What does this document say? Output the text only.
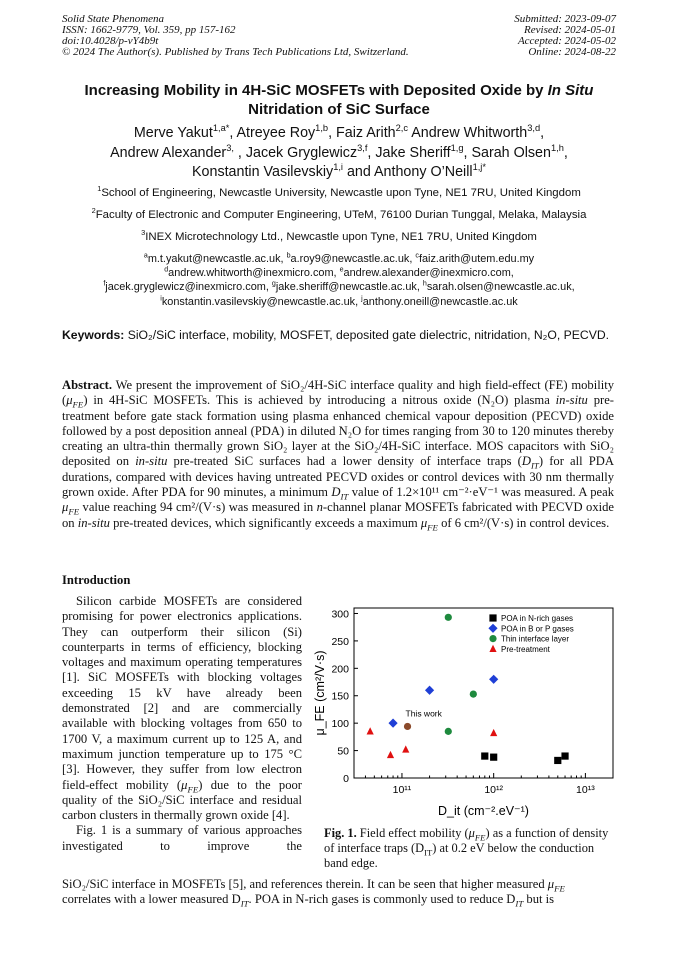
Solid State Phenomena
ISSN: 1662-9779, Vol. 359, pp 157-162
doi:10.4028/p-vY4b9t
© 2024 The Author(s). Published by Trans Tech Publications Ltd, Switzerland.
Submitted: 2023-09-07
Revised: 2024-05-01
Accepted: 2024-05-02
Online: 2024-08-22
Increasing Mobility in 4H-SiC MOSFETs with Deposited Oxide by In Situ
Nitridation of SiC Surface
Merve Yakut$^{1,a*}$, Atreyee Roy$^{1,b}$, Faiz Arith$^{2,c}$ Andrew Whitworth$^{3,d}$,
Andrew Alexander$^{3,}$ , Jacek Gryglewicz$^{3,f}$, Jake Sheriff$^{1,g}$, Sarah Olsen$^{1,h}$,
Konstantin Vasilevskiy$^{1,i}$ and Anthony O’Neill$^{1,j*}$
$^1$School of Engineering, Newcastle University, Newcastle upon Tyne, NE1 7RU, United Kingdom
$^2$Faculty of Electronic and Computer Engineering, UTeM, 76100 Durian Tunggal, Melaka, Malaysia
$^3$INEX Microtechnology Ltd., Newcastle upon Tyne, NE1 7RU, United Kingdom
$^a$m.t.yakut@newcastle.ac.uk, $^b$a.roy9@newcastle.ac.uk, $^c$faiz.arith@utem.edu.my
$^d$andrew.whitworth@inexmicro.com, $^e$andrew.alexander@inexmicro.com,
$^f$jacek.gryglewicz@inexmicro.com, $^g$jake.sheriff@newcastle.ac.uk, $^h$sarah.olsen@newcastle.ac.uk,
$^i$konstantin.vasilevskiy@newcastle.ac.uk, $^j$anthony.oneill@newcastle.ac.uk
Keywords: SiO₂/SiC interface, mobility, MOSFET, deposited gate dielectric, nitridation, N₂O, PECVD.
Abstract. We present the improvement of SiO₂/4H-SiC interface quality and high field-effect (FE) mobility $(\mu_{FE})$ in 4H-SiC MOSFETs. This is achieved by introducing a nitrous oxide (N₂O) plasma in-situ pre-treatment before gate stack formation using plasma enhanced chemical vapour deposition (PECVD) oxide followed by a post deposition anneal (PDA) in diluted N₂O for times ranging from 30 to 120 minutes thereby creating an ultra-thin thermally grown SiO₂ layer at the SiO₂/4H-SiC interface. MOS capacitors with SiO₂ deposited on in-situ pre-treated SiC surfaces had a lower density of interface traps $(D_{IT})$ for all PDA durations, compared with devices having untreated PECVD oxides or control devices with 30 nm thermally grown oxide. After PDA for 90 minutes, a minimum $D_{IT}$ value of 1.2×10¹¹ cm⁻²·eV⁻¹ was measured. A peak $\mu_{FE}$ value reaching 94 cm²/(V·s) was measured in n-channel planar MOSFETs fabricated with PECVD oxide on in-situ pre-treated devices, which significantly exceeds a maximum $\mu_{FE}$ of 6 cm²/(V·s) in control devices.
Introduction

Silicon carbide MOSFETs are considered promising for power electronics applications. They can outperform their silicon (Si) counterparts in terms of efficiency, blocking voltages and maximum operating temperatures [1]. SiC MOSFETs with blocking voltages exceeding 15 kV have already been demonstrated [2] and are commercially available with blocking voltages from 650 to 1700 V, a maximum current up to 125 A, and maximum junction temperature up to 175 °C [3]. However, they suffer from low electron field-effect mobility $(\mu_{FE})$ due to the poor quality of the SiO₂/SiC interface and residual carbon clusters in thermally grown oxide [4].

Fig. 1 is a summary of various approaches investigated to improve the

SiO₂/SiC interface in MOSFETs [5], and references therein. It can be seen that higher measured $\mu_{FE}$
correlates with a lower measured $D_{IT}$. POA in N-rich gases is commonly used to reduce $D_{IT}$ but is
0
50
100
150
200
250
300
10¹¹	10¹²	10¹³
D_it (cm⁻².eV⁻¹)
μ_FE (cm²/V·s)	This work
POA in N-rich gases
POA in B or P gases
Thin interface layer
Pre-treatment
Fig. 1. Field effect mobility $(\mu_{FE})$ as a function of density of interface traps $(D_{IT})$ at 0.2 eV below the conduction band edge.
